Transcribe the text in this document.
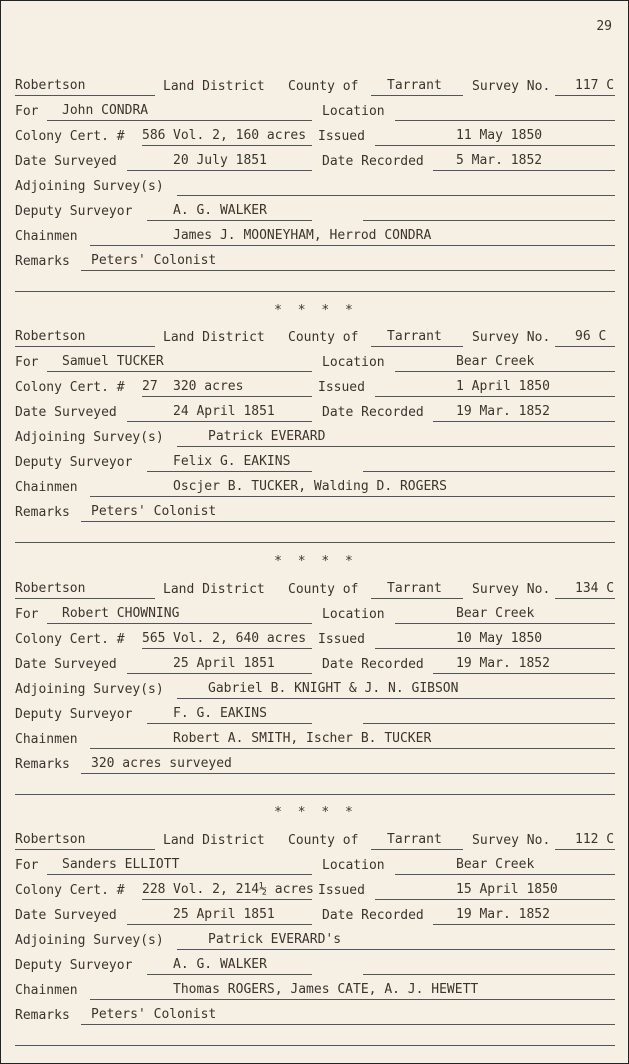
29
Robertson	Land District County of Tarrant Survey No. 117 C
For John CONDRA	Location
Colony Cert. # 586 Vol. 2, 160 acres Issued	11 May 1850
Date Surveyed	20 July 1851	Date Recorded 5 Mar. 1852
Adjoining Survey(s)
Deputy Surveyor	A. G. WALKER
Chainmen	James J. MOONEYHAM, Herrod CONDRA
Remarks Peters' Colonist
* * * *
Robertson	Land District County of Tarrant Survey No. 96 C
For Samuel TUCKER	Location	Bear Creek
Colony Cert. # 27 320 acres	Issued	1 April 1850
Date Surveyed	24 April 1851	Date Recorded 19 Mar. 1852
Adjoining Survey(s)	Patrick EVERARD
Deputy Surveyor	Felix G. EAKINS
Chainmen	Oscjer B. TUCKER, Walding D. ROGERS
Remarks Peters' Colonist
* * * *
Robertson	Land District County of Tarrant Survey No. 134 C
For Robert CHOWNING	Location	Bear Creek
Colony Cert. # 565 Vol. 2, 640 acres Issued	10 May 1850
Date Surveyed	25 April 1851	Date Recorded 19 Mar. 1852
Adjoining Survey(s)	Gabriel B. KNIGHT & J. N. GIBSON
Deputy Surveyor	F. G. EAKINS
Chainmen	Robert A. SMITH, Ischer B. TUCKER
Remarks 320 acres surveyed
* * * *
Robertson	Land District County of Tarrant Survey No. 112 C
For Sanders ELLIOTT	Location	Bear Creek
Colony Cert. # 228 Vol. 2, 214½ acres Issued	15 April 1850
Date Surveyed	25 April 1851	Date Recorded 19 Mar. 1852
Adjoining Survey(s)	Patrick EVERARD's
Deputy Surveyor	A. G. WALKER
Chainmen	Thomas ROGERS, James CATE, A. J. HEWETT
Remarks Peters' Colonist
